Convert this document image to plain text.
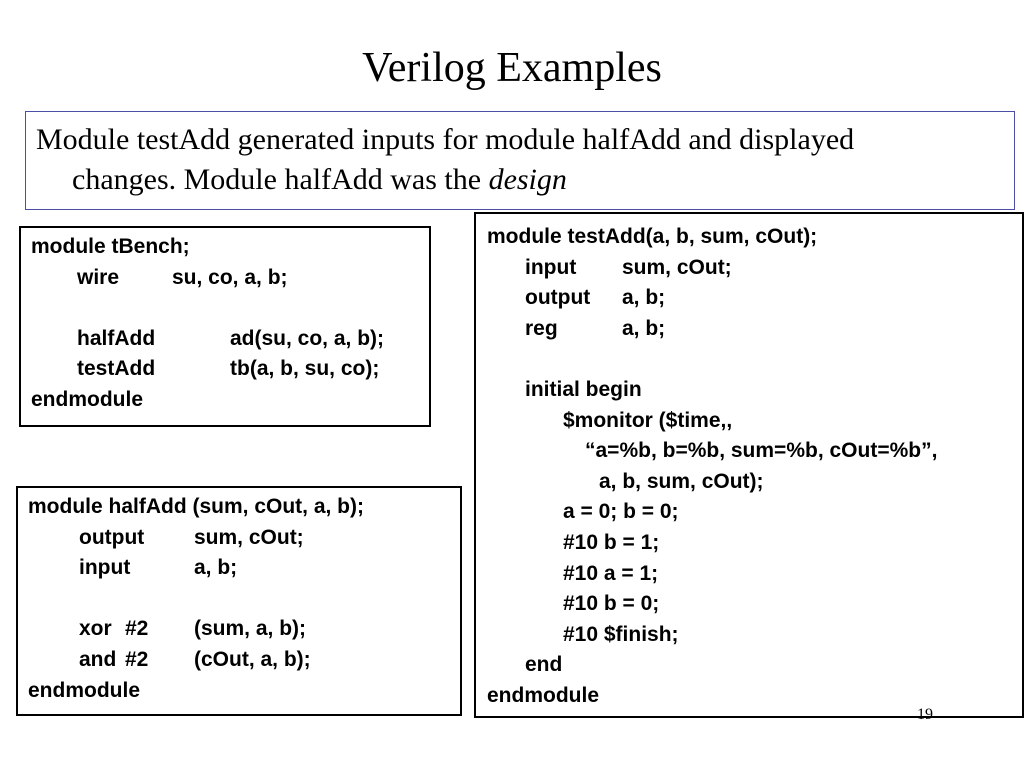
Verilog Examples
Module testAdd generated inputs for module halfAdd and displayed
changes. Module halfAdd was the design
module tBench;
wire	su, co, a, b;
halfAdd	ad(su, co, a, b);
testAdd	tb(a, b, su, co);
endmodule
module halfAdd (sum, cOut, a, b);
output sum, cOut;
input	a, b;
xor #2 (sum, a, b);
and #2 (cOut, a, b);
endmodule
module testAdd(a, b, sum, cOut);
input sum, cOut;
output a, b;
reg	a, b;
initial begin
$monitor ($time,,
“a=%b, b=%b, sum=%b, cOut=%b”,
a, b, sum, cOut);
a = 0; b = 0;
#10 b = 1;
#10 a = 1;
#10 b = 0;
#10 $finish;
end
endmodule
19
